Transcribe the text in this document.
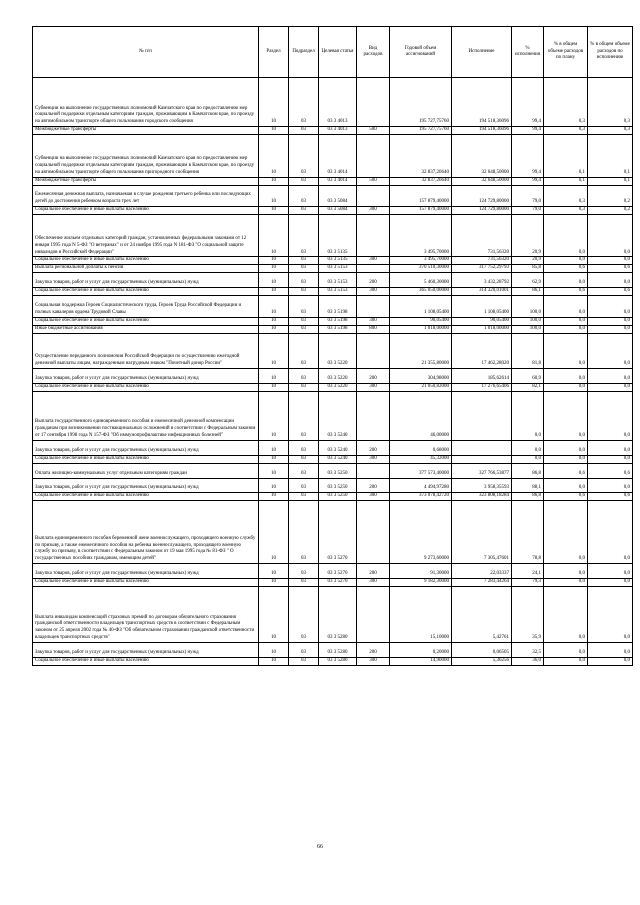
№ п/п	Раздел	Подраздел	Целевая статья	Вид расходов	Годовой объем ассигнований	Исполнение	% исполнения	% в общем объеме расходов по плану	% в общем объеме расходов по исполнению
Субвенции на выполнение государственных полномочий Камчатского края по предоставлению мер социальной поддержки отдельным категориям граждан, проживающим в Камчатском крае, по проезду на автомобильном транспорте общего пользования городского сообщения	10	03	03 3 4013		195 727,75760	194 518,36096	99,4	0,3	0,3
Межбюджетные трансферты	10	03	03 3 4013	500	195 727,75760	194 518,36096	99,4	0,3	0,3
Субвенции на выполнение государственных полномочий Камчатского края по предоставлению мер социальной поддержки отдельным категориям граждан, проживающим в Камчатском крае, по проезду на автомобильном транспорте общего пользования пригородного сообщения	10	03	03 3 4014		32 837,26640	32 648,50000	99,4	0,1	0,1
Межбюджетные трансферты	10	03	03 3 4014	500	32 837,26640	32 648,50000	99,4	0,1	0,1
Ежемесячная денежная выплата, назначаемая в случае рождения третьего ребенка или последующих детей до достижения ребенком возраста трех лет	10	03	03 3 5084		157 879,40000	124 729,80000	79,0	0,3	0,2
Социальное обеспечение и иные выплаты населению	10	03	03 3 5084	300	157 879,40000	124 729,80000	79,0	0,3	0,2
Обеспечение жильем отдельных категорий граждан, установленных федеральными законами от 12 января 1995 года N 5-ФЗ "О ветеранах" и от 24 ноября 1995 года N 181-ФЗ "О социальной защите инвалидов в Российской Федерации"	10	03	03 3 5135		3 495,70000	731,56320	20,9	0,0	0,0
Социальное обеспечение и иные выплаты населению	10	03	03 3 5135	300	3 495,70000	731,56320	20,9	0,0	0,0
Выплата региональной доплаты к пенсии	10	03	03 3 5153		370 510,30000	317 752,29793	85,8	0,6	0,6
Закупка товаров, работ и услуг для государственных (муниципальных) нужд	10	03	03 3 5153	200	5 460,30000	3 432,28792	62,9	0,0	0,0
Социальное обеспечение и иные выплаты населению	10	03	03 3 5153	300	365 050,00000	314 320,01001	86,1	0,6	0,6
Социальная поддержка Героев Социалистического труда, Героев Труда Российской Федерации и полных кавалеров ордена Трудовой Славы	10	03	03 3 5198		1 108,05400	1 108,05400	100,0	0,0	0,0
Социальное обеспечение и иные выплаты населению	10	03	03 3 5198	300	90,05400	90,05400	100,0	0,0	0,0
Иные бюджетные ассигнования	10	03	03 3 5198	800	1 018,00000	1 018,00000	100,0	0,0	0,0
Осуществление переданного полномочия Российской Федерации по осуществлению ежегодной денежной выплаты лицам, награжденным нагрудным знаком "Почетный донор России"	10	03	03 3 5220		21 355,80000	17 462,28020	81,8	0,0	0,0
Закупка товаров, работ и услуг для государственных (муниципальных) нужд	10	03	03 3 5220	200	304,98000	185,62614	60,9	0,0	0,0
Социальное обеспечение и иные выплаты населению	10	03	03 3 5220	300	21 050,82000	17 276,65406	82,1	0,0	0,0
Выплата государственного единовременного пособия и ежемесячной денежной компенсации гражданам при возникновении поствакцинальных осложнений в соответствии с Федеральным законом от 17 сентября 1998 года N 157-ФЗ "Об иммунопрофилактике инфекционных болезней"	10	03	03 3 5240		46,00000		0,0	0,0	0,0
Закупка товаров, работ и услуг для государственных (муниципальных) нужд	10	03	03 3 5240	200	0,68000		0,0	0,0	0,0
Социальное обеспечение и иные выплаты населению	10	03	03 3 5240	300	45,32000		0,0	0,0	0,0
Оплата жилищно-коммунальных услуг отдельным категориям граждан	10	03	03 3 5250		377 573,40000	327 766,53877	86,8	0,6	0,6
Закупка товаров, работ и услуг для государственных (муниципальных) нужд	10	03	03 3 5250	200	4 494,97280	3 958,35593	88,1	0,0	0,0
Социальное обеспечение и иные выплаты населению	10	03	03 3 5250	300	373 078,42720	323 808,18284	86,8	0,6	0,6
Выплата единовременного пособия беременной жене военнослужащего, проходящего военную службу по призыву, а также ежемесячного пособия на ребенка военнослужащего, проходящего военную службу по призыву, в соответствии с Федеральным законом от 19 мая 1995 года № 81-ФЗ " О государственных пособиях гражданам, имеющим детей"	10	03	03 3 5270		9 273,60000	7 305,47601	78,8	0,0	0,0
Закупка товаров, работ и услуг для государственных (муниципальных) нужд	10	03	03 3 5270	200	91,30000	22,03337	24,1	0,0	0,0
Социальное обеспечение и иные выплаты населению	10	03	03 3 5270	300	9 182,30000	7 283,44264	79,3	0,0	0,0
Выплата инвалидам компенсаций страховых премий по договорам обязательного страхования гражданской ответственности владельцев транспортных средств в соответствии с Федеральным законом от 25 апреля 2002 года № 40-ФЗ "Об обязательном страховании гражданской ответственности владельцев транспортных средств"	10	03	03 3 5280		15,10000	5,42761	35,9	0,0	0,0
Закупка товаров, работ и услуг для государственных (муниципальных) нужд	10	03	03 3 5280	200	0,20000	0,06505	32,5	0,0	0,0
Социальное обеспечение и иные выплаты населению	10	03	03 3 5280	300	14,90000	5,36256	36,0	0,0	0,0
66
